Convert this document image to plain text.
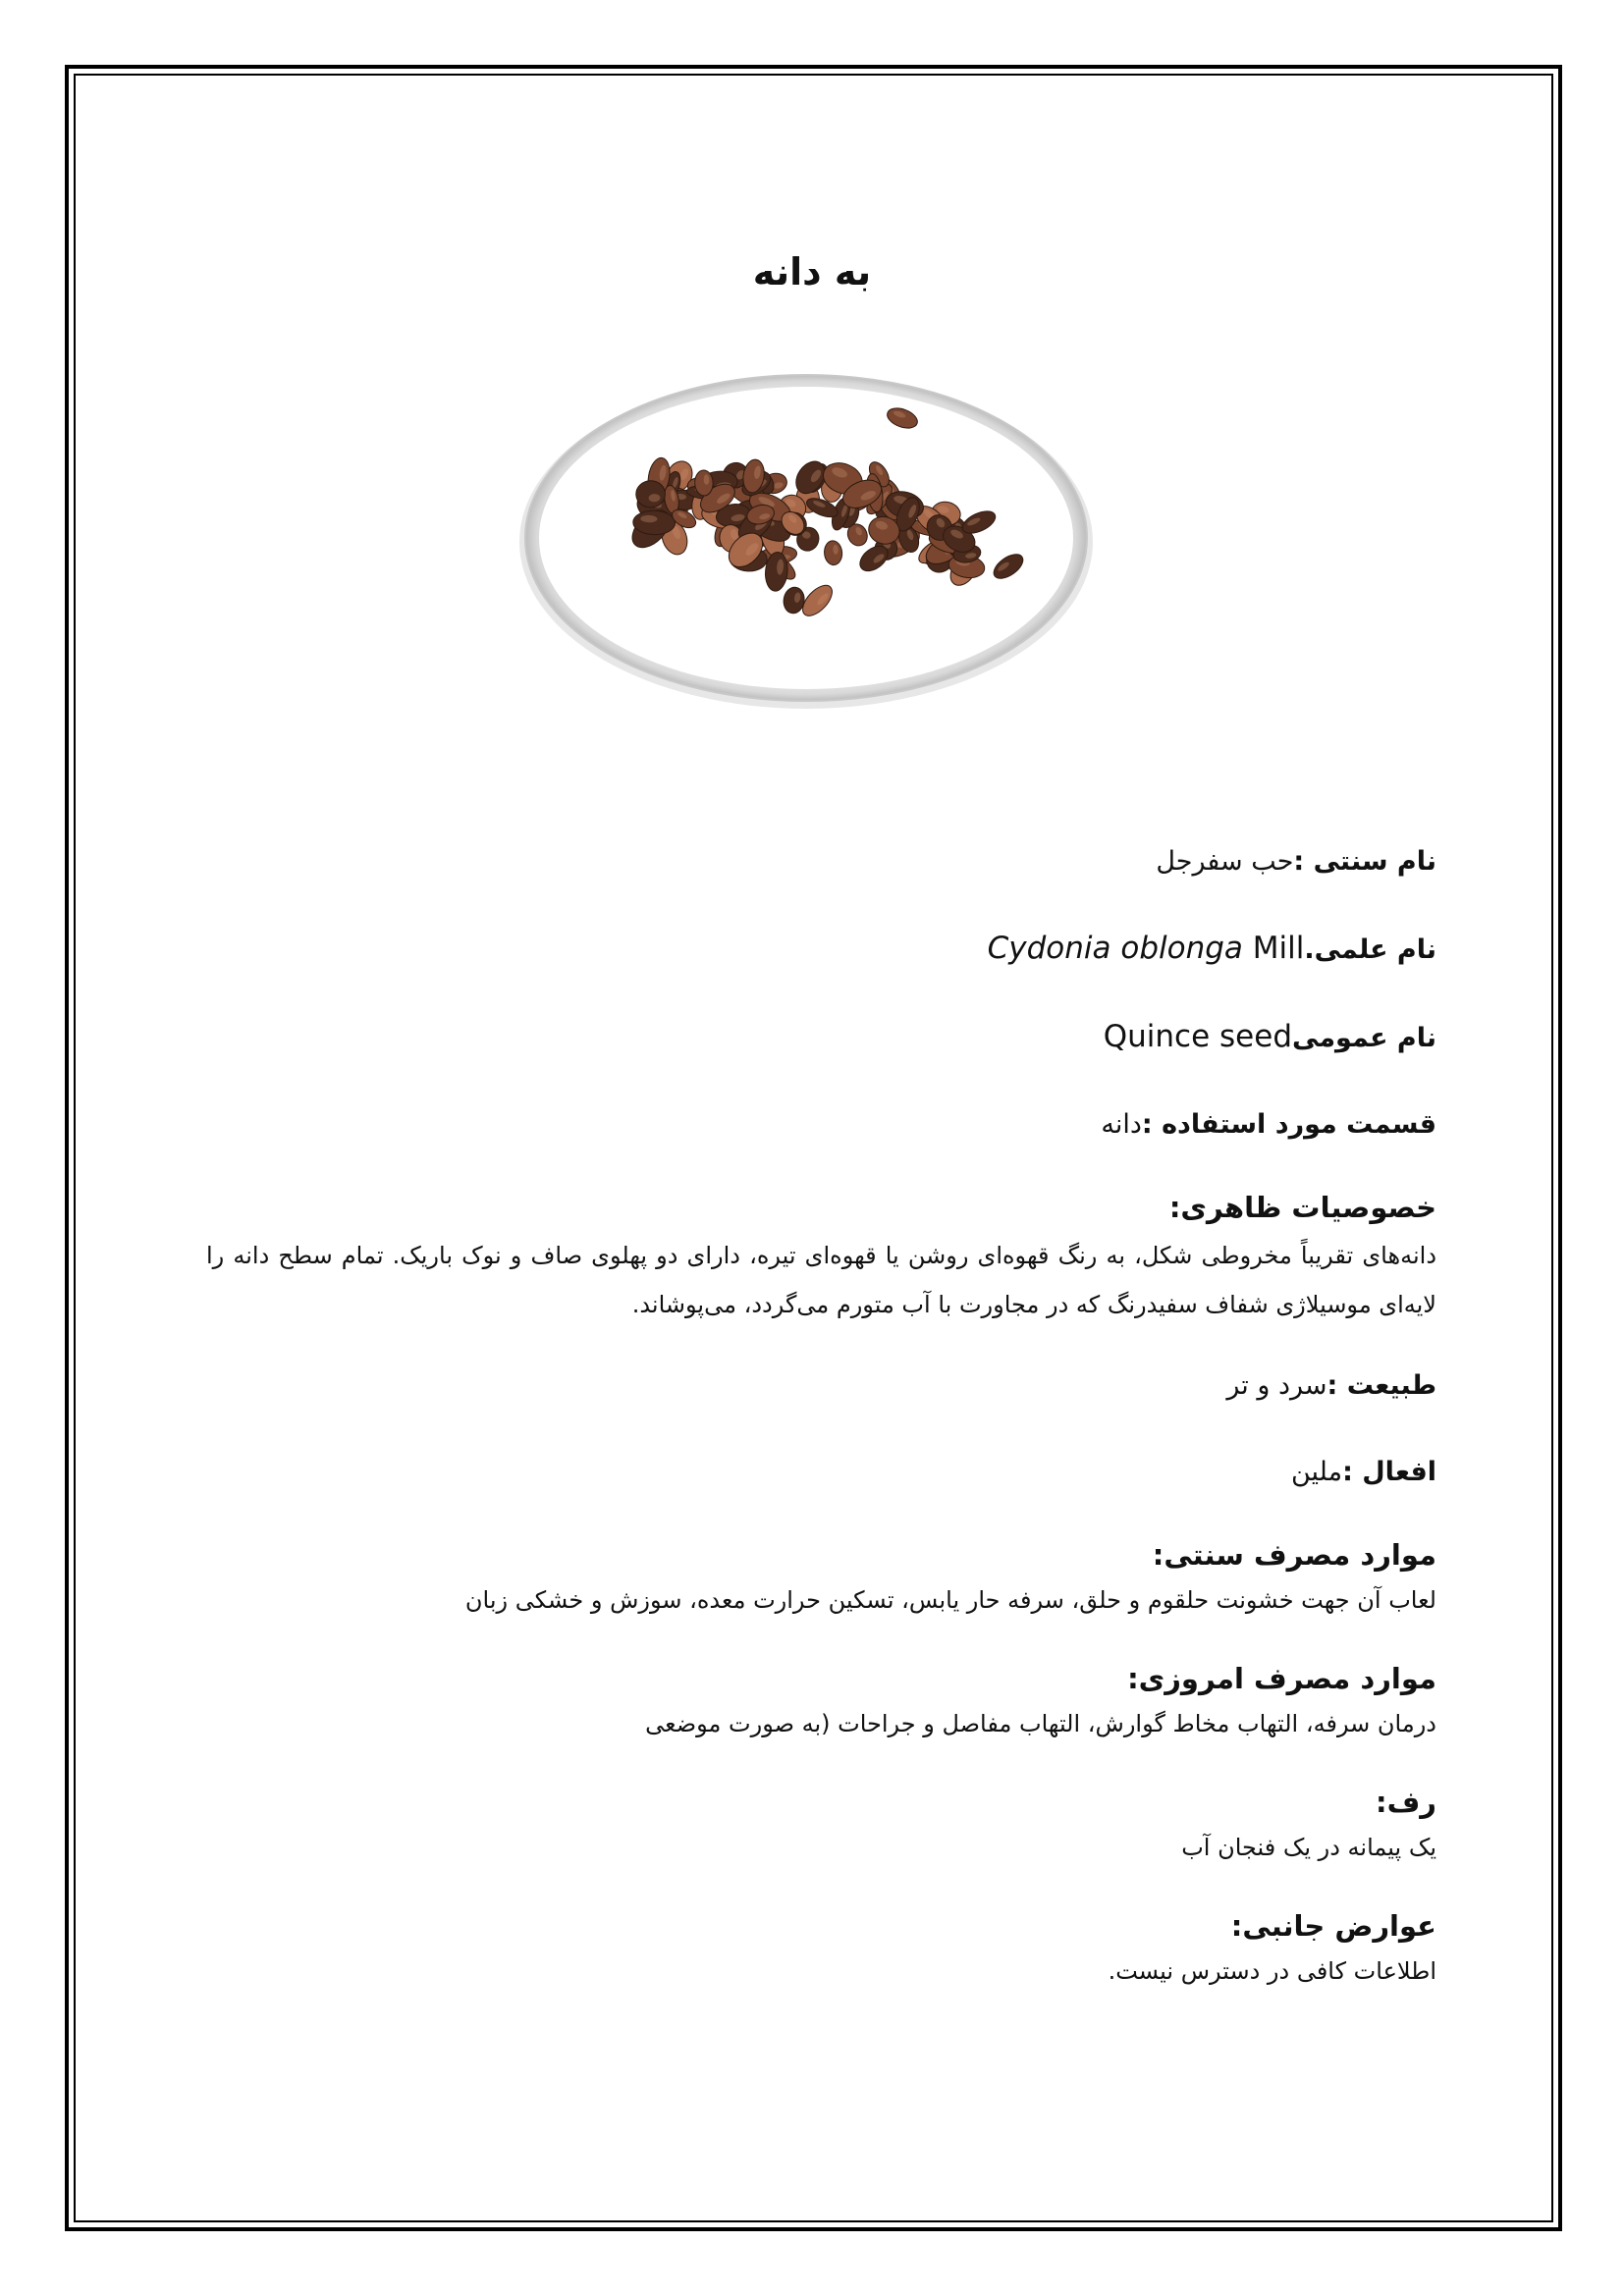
به دانه

نام سنتی :حب سفرجل

نام علمی.Cydonia oblonga Mill

نام عمومیQuince seed

قسمت مورد استفاده :دانه

خصوصیات ظاهری:

دانه‌های تقریباً مخروطی شکل، به رنگ قهوه‌ای روشن یا قهوه‌ای تیره، دارای دو پهلوی صاف و نوک باریک. تمام سطح دانه را لایه‌ای موسیلاژی شفاف سفیدرنگ که در مجاورت با آب متورم می‌گردد، می‌پوشاند.

طبیعت :سرد و تر

افعال :ملین

موارد مصرف سنتی:

لعاب آن جهت خشونت حلقوم و حلق، سرفه حار یابس، تسکین حرارت معده، سوزش و خشکی زبان

موارد مصرف امروزی:

درمان سرفه، التهاب مخاط گوارش، التهاب مفاصل و جراحات (به صورت موضعی

رف:

یک پیمانه در یک فنجان آب

عوارض جانبی:

اطلاعات کافی در دسترس نیست.
